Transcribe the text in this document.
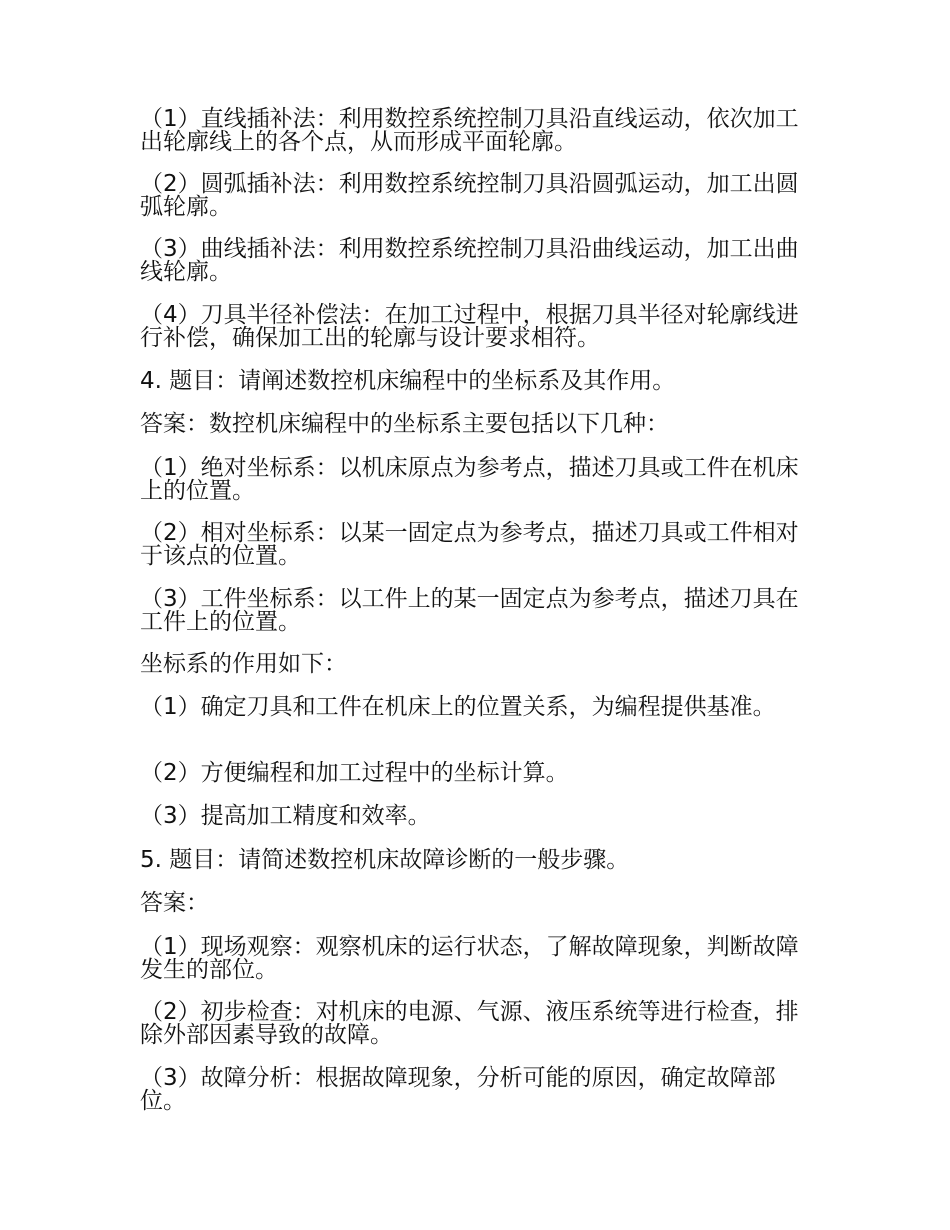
（1）直线插补法：利用数控系统控制刀具沿直线运动，依次加工出轮廓线上的各个点，从而形成平面轮廓。

（2）圆弧插补法：利用数控系统控制刀具沿圆弧运动，加工出圆弧轮廓。

（3）曲线插补法：利用数控系统控制刀具沿曲线运动，加工出曲线轮廓。

（4）刀具半径补偿法：在加工过程中，根据刀具半径对轮廓线进行补偿，确保加工出的轮廓与设计要求相符。

4. 题目：请阐述数控机床编程中的坐标系及其作用。

答案：数控机床编程中的坐标系主要包括以下几种：

（1）绝对坐标系：以机床原点为参考点，描述刀具或工件在机床上的位置。

（2）相对坐标系：以某一固定点为参考点，描述刀具或工件相对于该点的位置。

（3）工件坐标系：以工件上的某一固定点为参考点，描述刀具在工件上的位置。

坐标系的作用如下：

（1）确定刀具和工件在机床上的位置关系，为编程提供基准。

（2）方便编程和加工过程中的坐标计算。

（3）提高加工精度和效率。

5. 题目：请简述数控机床故障诊断的一般步骤。

答案：

（1）现场观察：观察机床的运行状态，了解故障现象，判断故障发生的部位。

（2）初步检查：对机床的电源、气源、液压系统等进行检查，排除外部因素导致的故障。

（3）故障分析：根据故障现象，分析可能的原因，确定故障部位。
